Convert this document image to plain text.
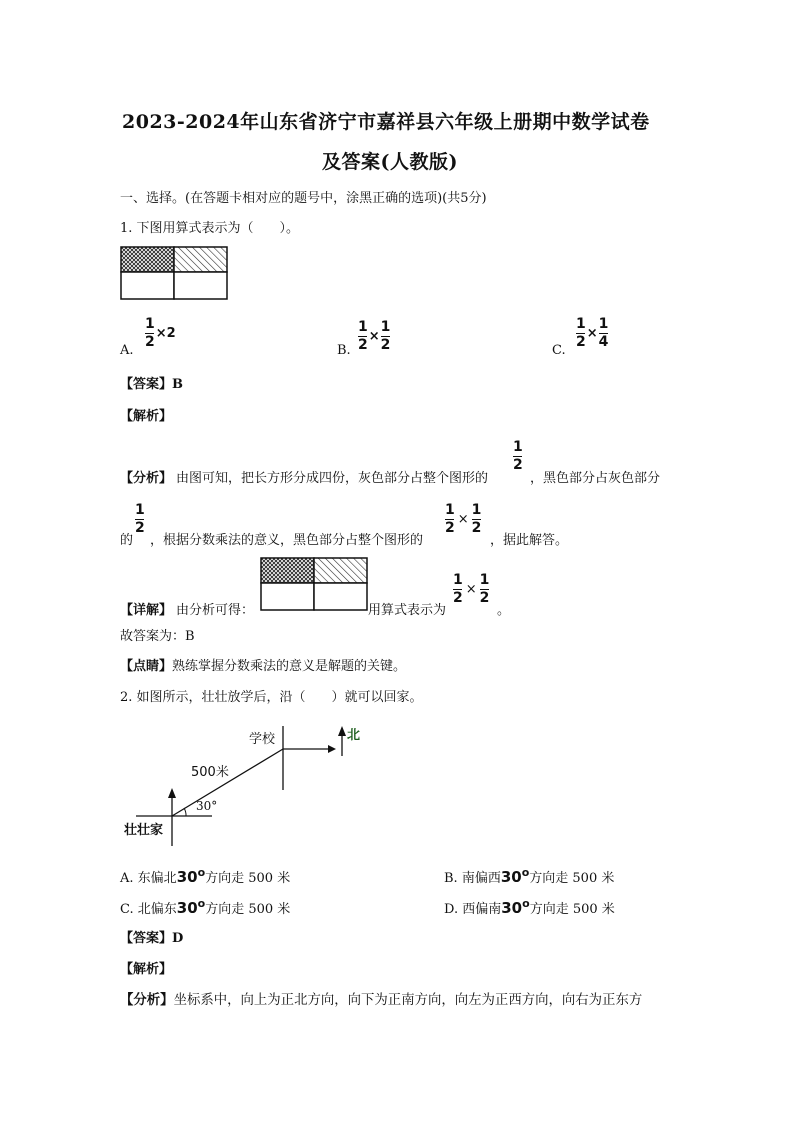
2023-2024年山东省济宁市嘉祥县六年级上册期中数学试卷
及答案(人教版)
一、选择。(在答题卡相对应的题号中，涂黑正确的选项)(共5分)
1. 下图用算式表示为（　　）。
A.
$\frac{1}{2} \times 2$
B. $\frac{1}{2} \times \frac{1}{2}$	C.
$\frac{1}{2} \times \frac{1}{4}$
【答案】B
【解析】
【分析】 由图可知，把长方形分成四份，灰色部分占整个图形的
$\frac{1}{2}$
，黑色部分占灰色部分
的
$\frac{1}{2}$
，根据分数乘法的意义，黑色部分占整个图形的
$\frac{1}{2} \times \frac{1}{2}$
，据此解答。
【详解】 由分析可得：	用算式表示为
$\frac{1}{2} \times \frac{1}{2}$
。
故答案为：B
【点睛】熟练掌握分数乘法的意义是解题的关键。
2. 如图所示，壮壮放学后，沿（　　）就可以回家。
学校	北
500米
30°
壮壮家
A. 东偏北30$^o$方向走 500 米	B. 南偏西30$^o$方向走 500 米
C. 北偏东30$^o$方向走 500 米	D. 西偏南30$^o$方向走 500 米
【答案】D
【解析】
【分析】坐标系中，向上为正北方向，向下为正南方向，向左为正西方向，向右为正东方
